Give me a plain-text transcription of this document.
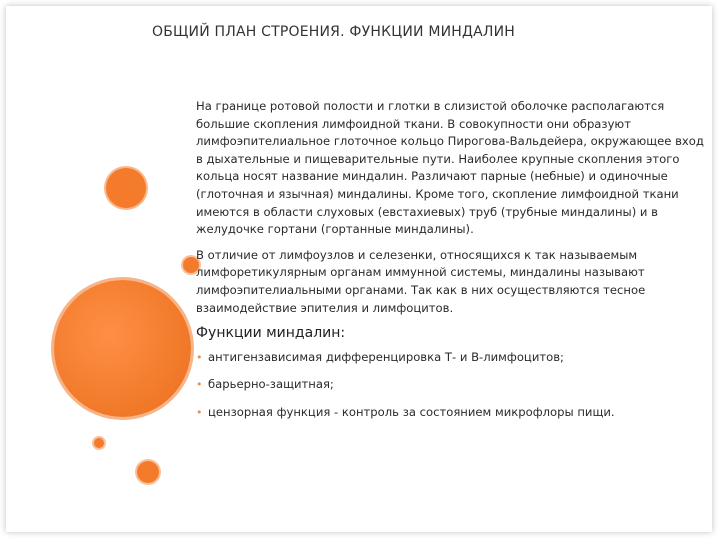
ОБЩИЙ ПЛАН СТРОЕНИЯ. ФУНКЦИИ МИНДАЛИН

На границе ротовой полости и глотки в слизистой оболочке располагаются большие скопления лимфоидной ткани. В совокупности они образуют лимфоэпителиальное глоточное кольцо Пирогова-Вальдейера, окружающее вход в дыхательные и пищеварительные пути. Наиболее крупные скопления этого кольца носят название миндалин. Различают парные (небные) и одиночные (глоточная и язычная) миндалины. Кроме того, скопление лимфоидной ткани имеются в области слуховых (евстахиевых) труб (трубные миндалины) и в желудочке гортани (гортанные миндалины).

В отличие от лимфоузлов и селезенки, относящихся к так называемым лимфоретикулярным органам иммунной системы, миндалины называют лимфоэпителиальными органами. Так как в них осуществляются тесное взаимодействие эпителия и лимфоцитов.

Функции миндалин:
• антигензависимая дифференцировка Т- и В-лимфоцитов;
• барьерно-защитная;
• цензорная функция - контроль за состоянием микрофлоры пищи.
